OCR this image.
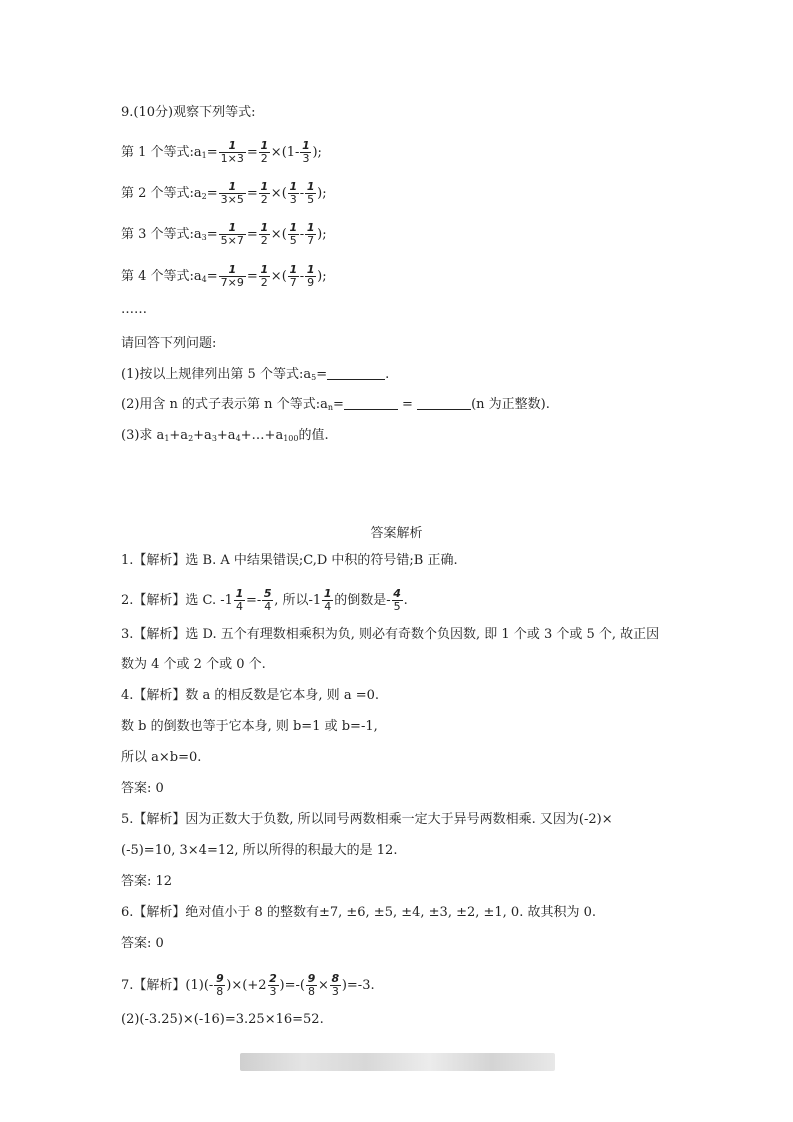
9.(10分)观察下列等式:
第 1 个等式$:a_1= \frac{1}{1\times 3} = \frac{1}{2} \times(1- \frac{1}{3}$ );
第 2 个等式$:a_2= \frac{1}{3\times 5} = \frac{1}{2}$ ×( $\frac{1}{3} - \frac{1}{5}$ );
第 3 个等式$:a_3= \frac{1}{5\times 7} = \frac{1}{2}$ ×( $\frac{1}{5} - \frac{1}{7}$ );
第 4 个等式$:a_4= \frac{1}{7\times 9} = \frac{1}{2}$ ×( $\frac{1}{7} - \frac{1}{9}$ );
……
请回答下列问题:
(1)按以上规律列出第 5 个等式$:a_5=$	.
(2)用含 n 的式子表示第 n 个等式$:a_n=$	=	(n 为正整数).
(3)求 $a_1+a_2+a_3+a_4+\dots+a_{100}$的值.
答案解析
1.【解析】选 B. A 中结果错误;C,D 中积的符号错;B 正确.
2.【解析】选 C. $-1 \frac{1}{4} =- \frac{5}{4}$ , 所以$-1 \frac{1}{4}$ 的倒数是- $\frac{4}{5}$ .
3.【解析】选 D. 五个有理数相乘积为负, 则必有奇数个负因数, 即 1 个或 3 个或 5 个, 故正因
数为 4 个或 2 个或 0 个.
4.【解析】数 a 的相反数是它本身, 则 a =0.
数 b 的倒数也等于它本身, 则 b=1 或 b=-1,
所以 a×b=0.
答案: 0
5.【解析】因为正数大于负数, 所以同号两数相乘一定大于异号两数相乘. 又因为(-2)×
(-5)=10, 3×4=12, 所以所得的积最大的是 12.
答案: 12
6.【解析】绝对值小于 8 的整数有±7, ±6, ±5, ±4, ±3, ±2, ±1, 0. 故其积为 0.
答案: 0
7.【解析】$(1)(- \frac{9}{8} )\times(+2 \frac{2}{3}$ )=-( $\frac{9}{8} \times \frac{8}{3} )=-3$.
(2)(-3.25)×(-16)=3.25×16=52.
